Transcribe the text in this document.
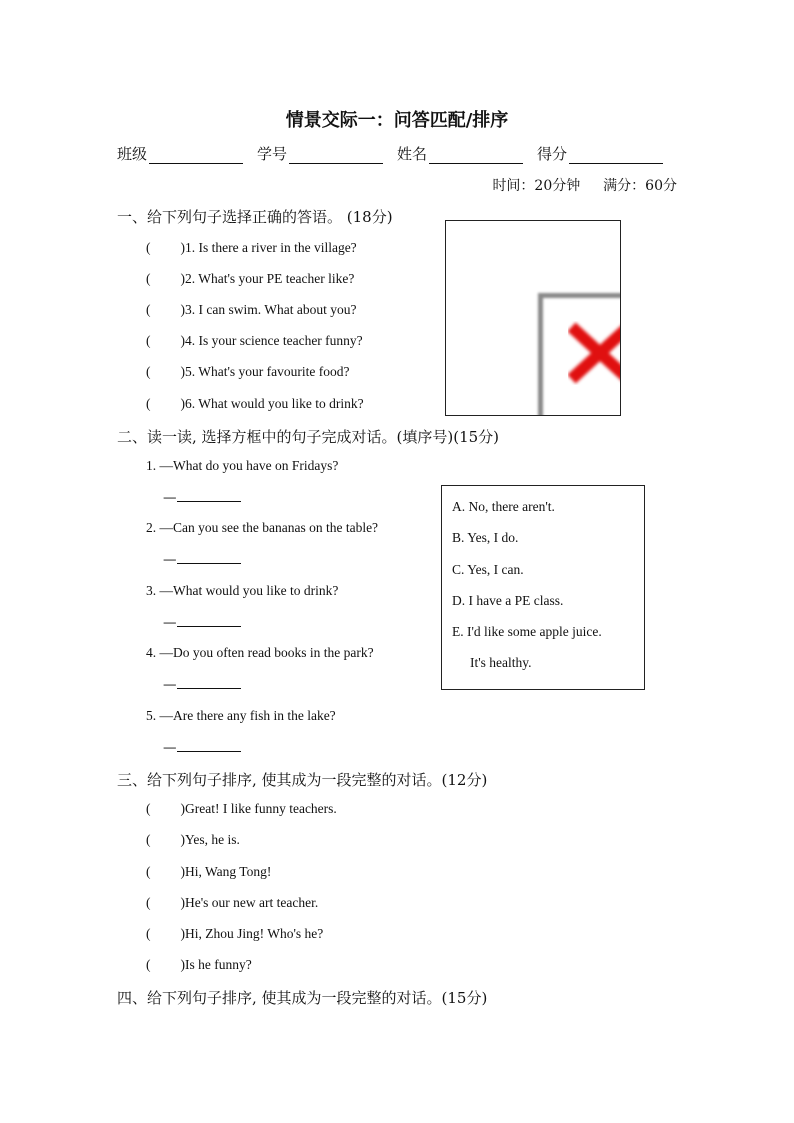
情景交际一：问答匹配/排序
班级	学号	姓名	得分
时间：20分钟 满分：60分
一、给下列句子选择正确的答语。 (18分)
( )1. Is there a river in the village?
( )2. What's your PE teacher like?
( )3. I can swim. What about you?
( )4. Is your science teacher funny?
( )5. What's your favourite food?
( )6. What would you like to drink?
二、读一读, 选择方框中的句子完成对话。(填序号)(15分)
1. —What do you have on Fridays?
—
2. —Can you see the bananas on the table?
—
3. —What would you like to drink?
—
4. —Do you often read books in the park?
—
5. —Are there any fish in the lake?
—
A. No, there aren't.
B. Yes, I do.
C. Yes, I can.
D. I have a PE class.
E. I'd like some apple juice.
It's healthy.
三、给下列句子排序, 使其成为一段完整的对话。(12分)
( )Great! I like funny teachers.
( )Yes, he is.
( )Hi, Wang Tong!
( )He's our new art teacher.
( )Hi, Zhou Jing! Who's he?
( )Is he funny?
四、给下列句子排序, 使其成为一段完整的对话。(15分)
